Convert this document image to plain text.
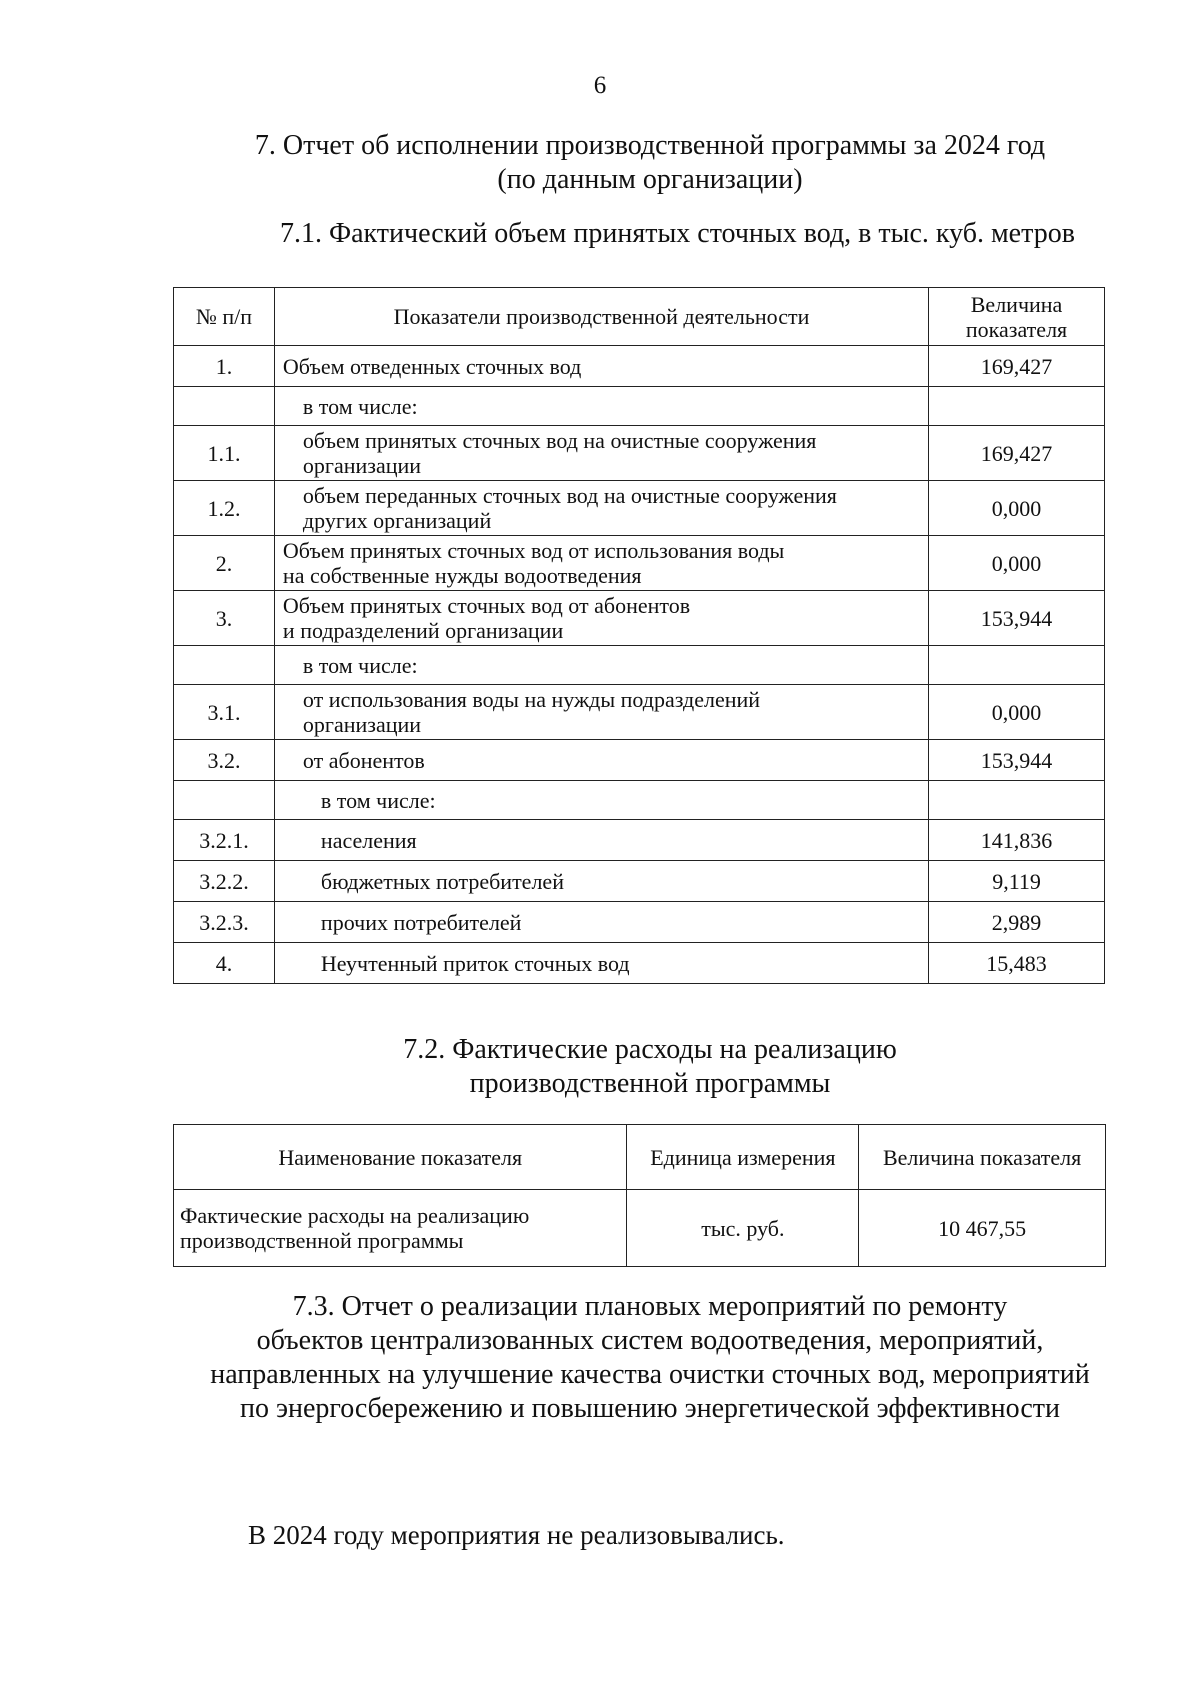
6
7. Отчет об исполнении производственной программы за 2024 год
(по данным организации)
7.1. Фактический объем принятых сточных вод, в тыс. куб. метров
№ п/п	Показатели производственной деятельности	Величина
показателя

1.	Объем отведенных сточных вод	169,427

	в том числе:	

1.1.	объем принятых сточных вод на очистные сооружения
организации	169,427
1.2.	объем переданных сточных вод на очистные сооружения
других организаций	0,000
2.	Объем принятых сточных вод от использования воды
на собственные нужды водоотведения	0,000
3.	Объем принятых сточных вод от абонентов
и подразделений организации	153,944

	в том числе:	

3.1.	от использования воды на нужды подразделений
организации	0,000
3.2.	от абонентов	153,944

	в том числе:	

3.2.1.	населения	141,836
3.2.2.	бюджетных потребителей	9,119
3.2.3.	прочих потребителей	2,989
4.	Неучтенный приток сточных вод	15,483
7.2. Фактические расходы на реализацию
производственной программы
Наименование показателя	Единица измерения	Величина показателя

Фактические расходы на реализацию
производственной программы	тыс. руб.	10 467,55
7.3. Отчет о реализации плановых мероприятий по ремонту
объектов централизованных систем водоотведения, мероприятий,
направленных на улучшение качества очистки сточных вод, мероприятий
по энергосбережению и повышению энергетической эффективности
В 2024 году мероприятия не реализовывались.
